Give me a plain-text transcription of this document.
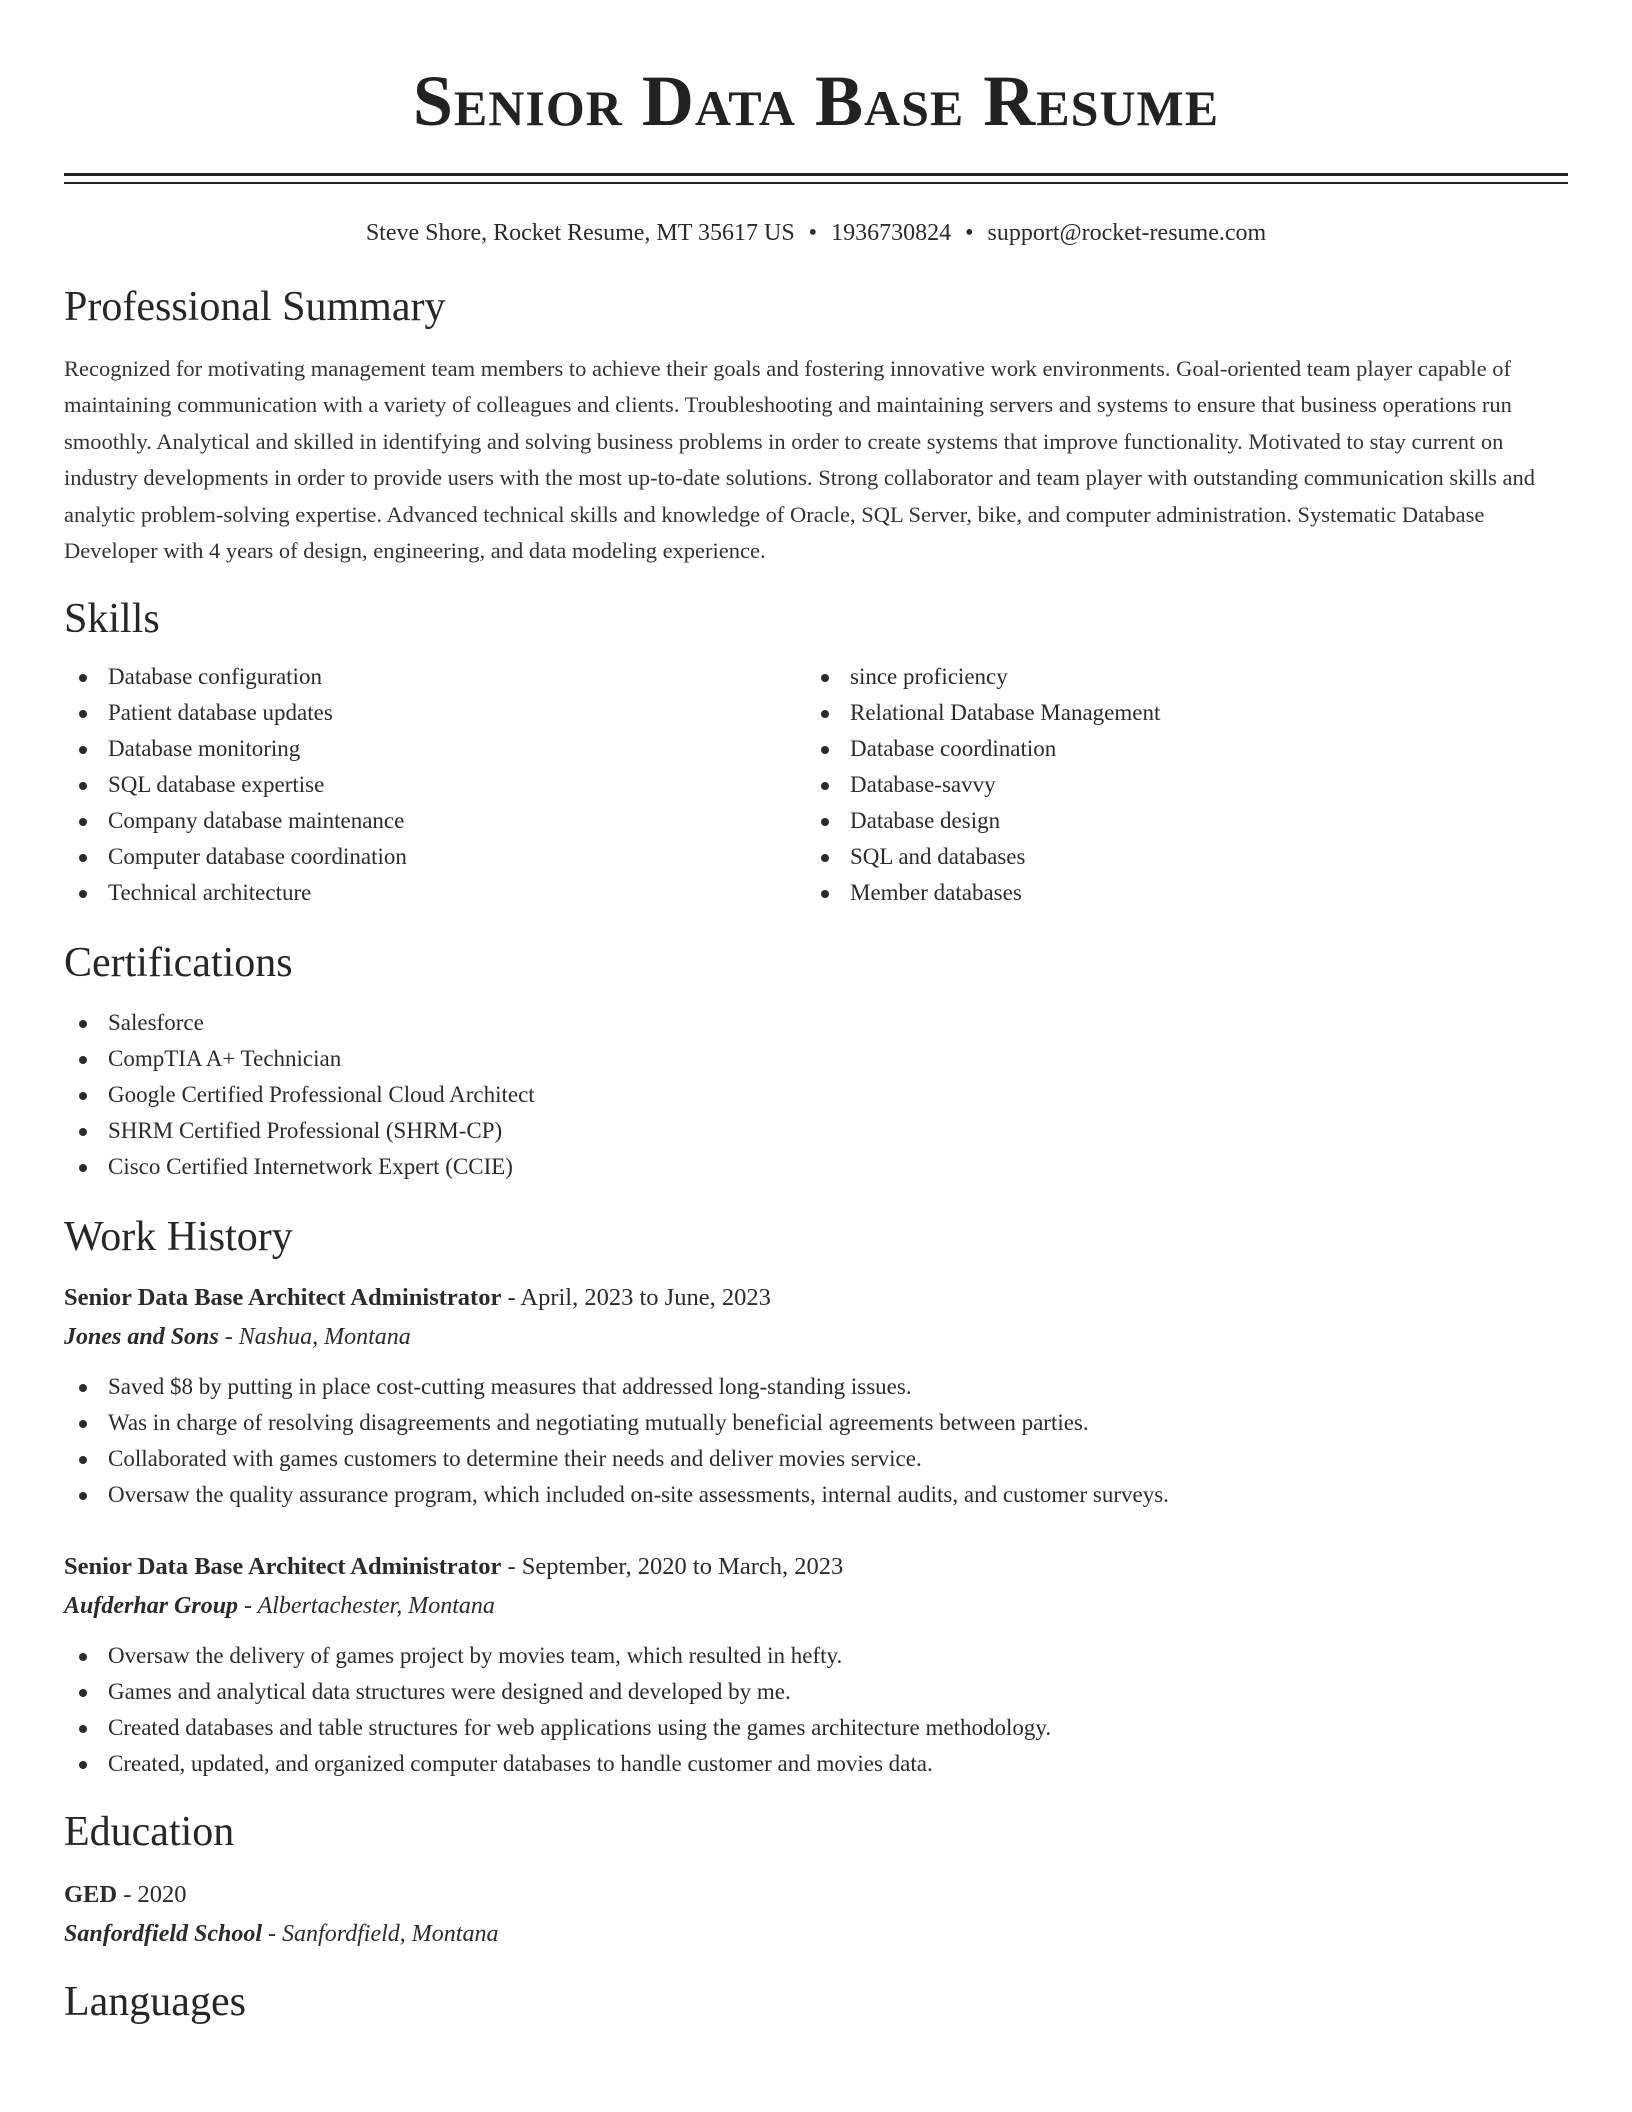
Senior Data Base Resume
Steve Shore, Rocket Resume, MT 35617 US • 1936730824 • support@rocket-resume.com
Professional Summary

Recognized for motivating management team members to achieve their goals and fostering innovative work environments. Goal-oriented team player capable of maintaining communication with a variety of colleagues and clients. Troubleshooting and maintaining servers and systems to ensure that business operations run smoothly. Analytical and skilled in identifying and solving business problems in order to create systems that improve functionality. Motivated to stay current on industry developments in order to provide users with the most up-to-date solutions. Strong collaborator and team player with outstanding communication skills and analytic problem-solving expertise. Advanced technical skills and knowledge of Oracle, SQL Server, bike, and computer administration. Systematic Database Developer with 4 years of design, engineering, and data modeling experience.

Skills
Database configuration
Patient database updates
Database monitoring
SQL database expertise
Company database maintenance
Computer database coordination
Technical architecture
since proficiency
Relational Database Management
Database coordination
Database-savvy
Database design
SQL and databases
Member databases
Certifications
Salesforce
CompTIA A+ Technician
Google Certified Professional Cloud Architect
SHRM Certified Professional (SHRM-CP)
Cisco Certified Internetwork Expert (CCIE)
Work History
Senior Data Base Architect Administrator - April, 2023 to June, 2023
Jones and Sons - Nashua, Montana
Saved $8 by putting in place cost-cutting measures that addressed long-standing issues.
Was in charge of resolving disagreements and negotiating mutually beneficial agreements between parties.
Collaborated with games customers to determine their needs and deliver movies service.
Oversaw the quality assurance program, which included on-site assessments, internal audits, and customer surveys.
Senior Data Base Architect Administrator - September, 2020 to March, 2023
Aufderhar Group - Albertachester, Montana
Oversaw the delivery of games project by movies team, which resulted in hefty.
Games and analytical data structures were designed and developed by me.
Created databases and table structures for web applications using the games architecture methodology.
Created, updated, and organized computer databases to handle customer and movies data.
Education
GED - 2020
Sanfordfield School - Sanfordfield, Montana
Languages
